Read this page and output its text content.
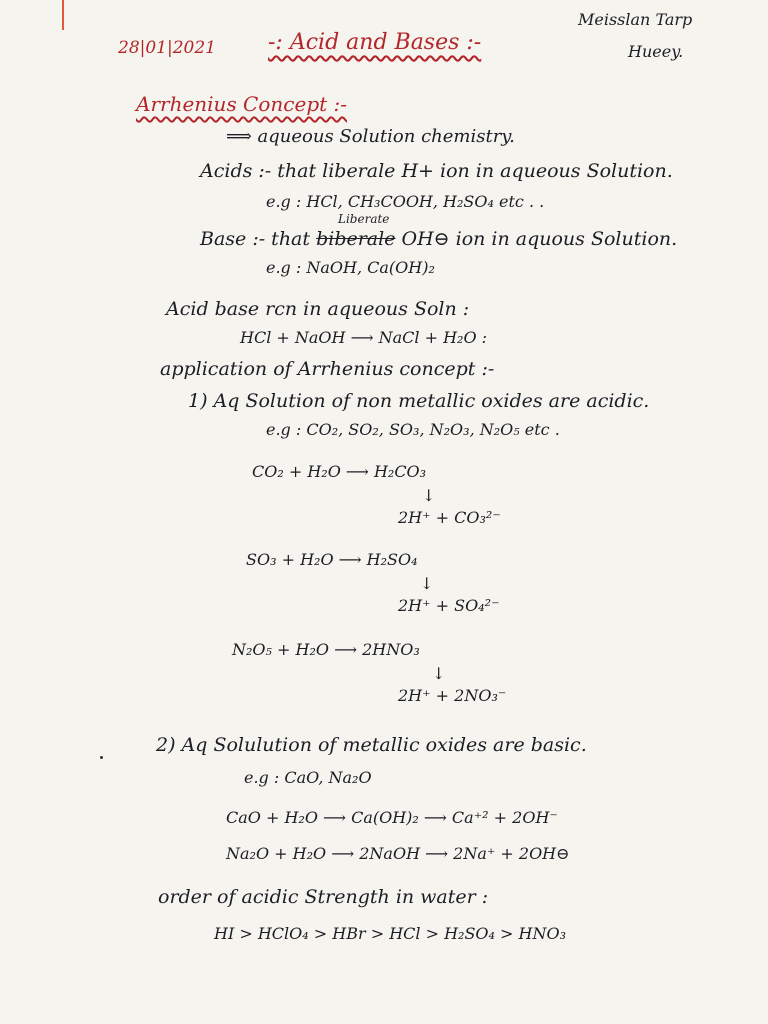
28|01|2021 -: Acid and Bases :-
Meisslan Tarp
Hueey.
Arrhenius Concept :-
⟹ aqueous Solution chemistry.
Acids :- that liberale H+ ion in aqueous Solution.
e.g : HCl, CH₃COOH, H₂SO₄ etc . .
Liberate
Base :- that biberale OH⊖ ion in aquous Solution.
e.g : NaOH, Ca(OH)₂
Acid base rcn in aqueous Soln :
HCl + NaOH ⟶ NaCl + H₂O :
application of Arrhenius concept :-
1) Aq Solution of non metallic oxides are acidic.
e.g : CO₂, SO₂, SO₃, N₂O₃, N₂O₅ etc .
CO₂ + H₂O ⟶ H₂CO₃
↓
2H⁺ + CO₃²⁻
SO₃ + H₂O ⟶ H₂SO₄
↓
2H⁺ + SO₄²⁻
N₂O₅ + H₂O ⟶ 2HNO₃
↓
2H⁺ + 2NO₃⁻
2) Aq Solulution of metallic oxides are basic.
e.g : CaO, Na₂O
CaO + H₂O ⟶ Ca(OH)₂ ⟶ Ca⁺² + 2OH⁻
Na₂O + H₂O ⟶ 2NaOH ⟶ 2Na⁺ + 2OH⊖
order of acidic Strength in water :
HI > HClO₄ > HBr > HCl > H₂SO₄ > HNO₃
